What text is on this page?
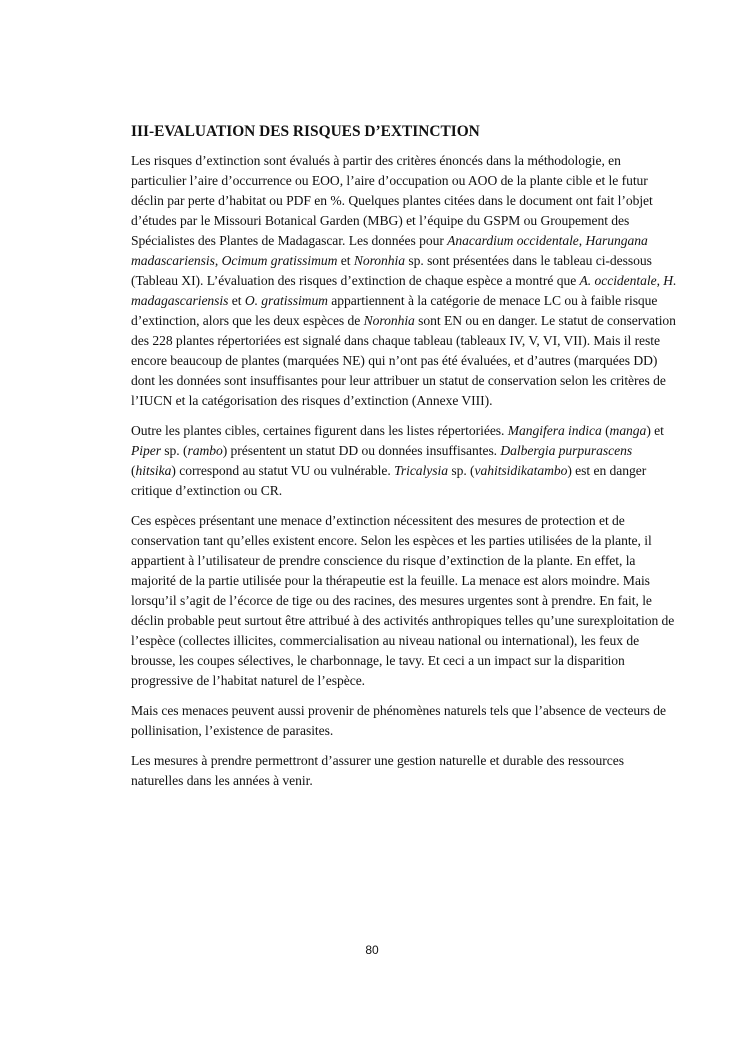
III-EVALUATION DES RISQUES D’EXTINCTION

Les risques d’extinction sont évalués à partir des critères énoncés dans la méthodologie, en particulier l’aire d’occurrence ou EOO, l’aire d’occupation ou AOO de la plante cible et le futur déclin par perte d’habitat ou PDF en %. Quelques plantes citées dans le document ont fait l’objet d’études par le Missouri Botanical Garden (MBG) et l’équipe du GSPM ou Groupement des Spécialistes des Plantes de Madagascar. Les données pour Anacardium occidentale, Harungana madascariensis, Ocimum gratissimum et Noronhia sp. sont présentées dans le tableau ci-dessous (Tableau XI). L’évaluation des risques d’extinction de chaque espèce a montré que A. occidentale, H. madagascariensis et O. gratissimum appartiennent à la catégorie de menace LC ou à faible risque d’extinction, alors que les deux espèces de Noronhia sont EN ou en danger. Le statut de conservation des 228 plantes répertoriées est signalé dans chaque tableau (tableaux IV, V, VI, VII). Mais il reste encore beaucoup de plantes (marquées NE) qui n’ont pas été évaluées, et d’autres (marquées DD) dont les données sont insuffisantes pour leur attribuer un statut de conservation selon les critères de l’IUCN et la catégorisation des risques d’extinction (Annexe VIII).

Outre les plantes cibles, certaines figurent dans les listes répertoriées. Mangifera indica (manga) et Piper sp. (rambo) présentent un statut DD ou données insuffisantes. Dalbergia purpurascens (hitsika) correspond au statut VU ou vulnérable. Tricalysia sp. (vahitsidikatambo) est en danger critique d’extinction ou CR.

Ces espèces présentant une menace d’extinction nécessitent des mesures de protection et de conservation tant qu’elles existent encore. Selon les espèces et les parties utilisées de la plante, il appartient à l’utilisateur de prendre conscience du risque d’extinction de la plante. En effet, la majorité de la partie utilisée pour la thérapeutie est la feuille. La menace est alors moindre. Mais lorsqu’il s’agit de l’écorce de tige ou des racines, des mesures urgentes sont à prendre. En fait, le déclin probable peut surtout être attribué à des activités anthropiques telles qu’une surexploitation de l’espèce (collectes illicites, commercialisation au niveau national ou international), les feux de brousse, les coupes sélectives, le charbonnage, le tavy. Et ceci a un impact sur la disparition progressive de l’habitat naturel de l’espèce.

Mais ces menaces peuvent aussi provenir de phénomènes naturels tels que l’absence de vecteurs de pollinisation, l’existence de parasites.

Les mesures à prendre permettront d’assurer une gestion naturelle et durable des ressources naturelles dans les années à venir.

80
